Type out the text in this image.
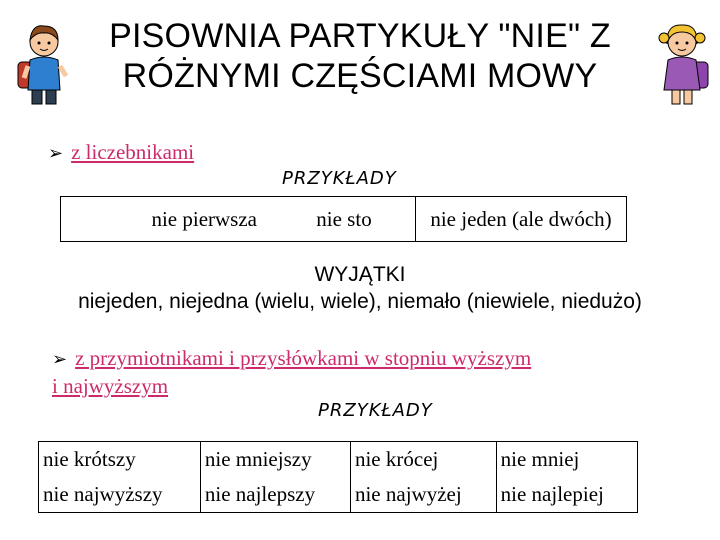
PISOWNIA PARTYKUŁY "NIE" Z
RÓŻNYMI CZĘŚCIAMI MOWY
➢ z liczebnikami
PRZYKŁADY
nie pierwsza	nie sto	nie jeden (ale dwóch)
WYJĄTKI
niejeden, niejedna (wielu, wiele), niemało (niewiele, niedużo)
➢ z przymiotnikami i przysłówkami w stopniu wyższym
i najwyższym
PRZYKŁADY
nie krótszy	nie mniejszy	nie krócej	nie mniej
nie najwyższy	nie najlepszy	nie najwyżej	nie najlepiej
